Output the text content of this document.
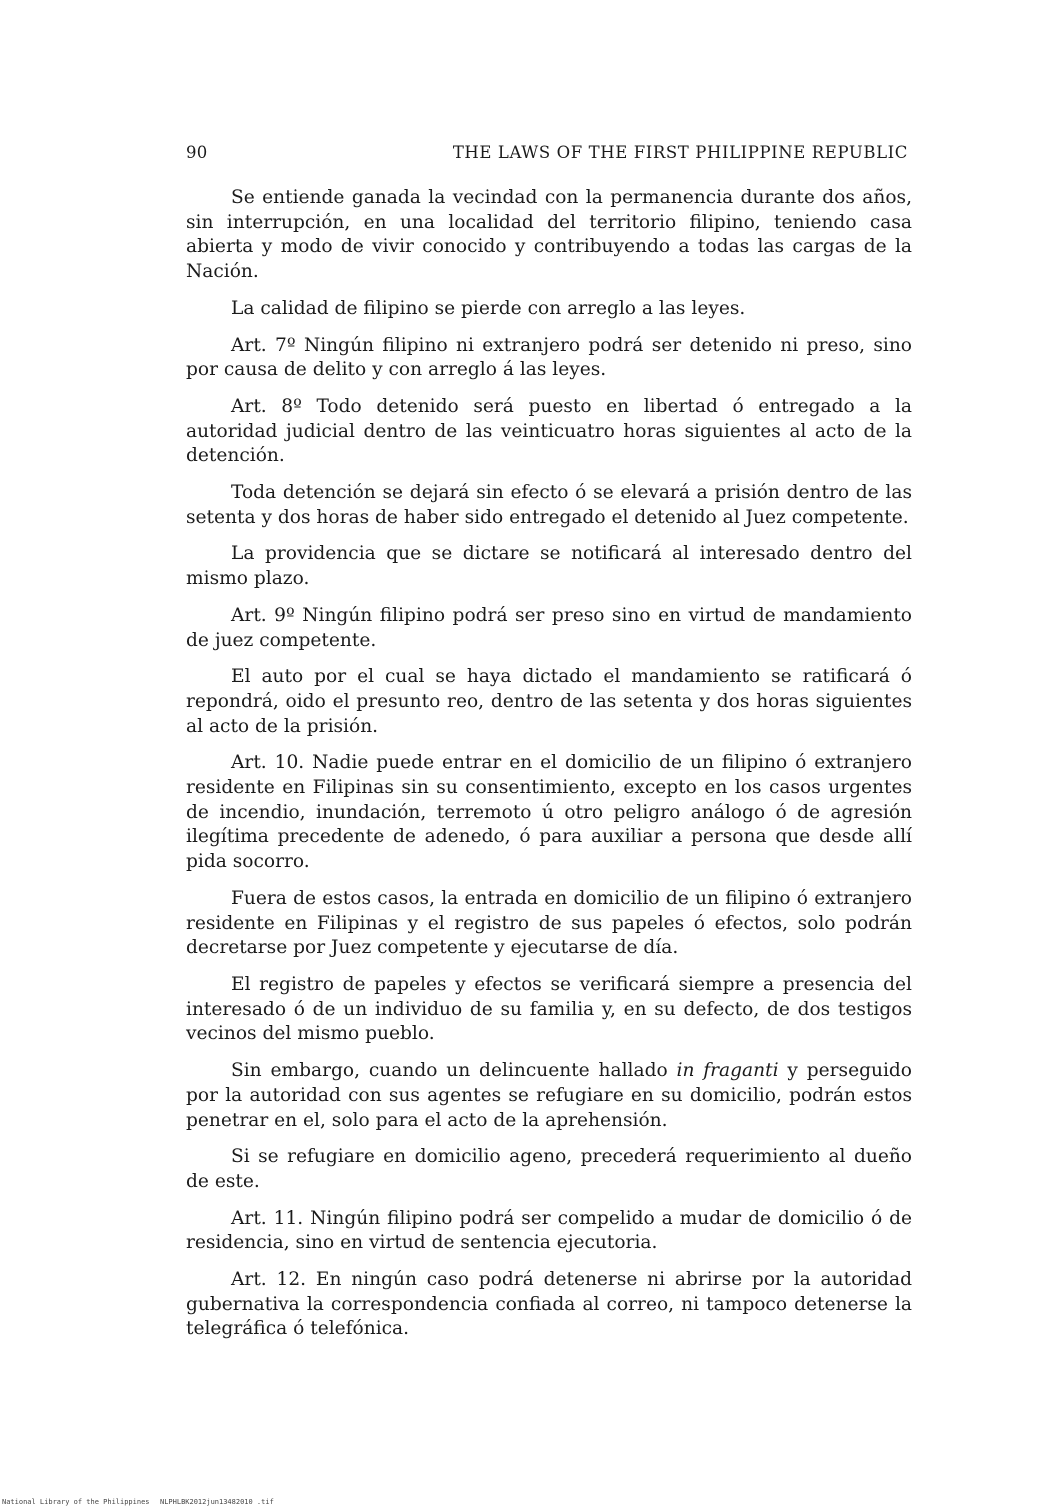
90	THE LAWS OF THE FIRST PHILIPPINE REPUBLIC

Se entiende ganada la vecindad con la permanencia durante dos años, sin interrupción, en una localidad del territorio filipino, teniendo casa abierta y modo de vivir conocido y contribuyendo a todas las cargas de la Nación.

La calidad de filipino se pierde con arreglo a las leyes.

Art. 7º Ningún filipino ni extranjero podrá ser detenido ni preso, sino por causa de delito y con arreglo á las leyes.

Art. 8º Todo detenido será puesto en libertad ó entregado a la autoridad judicial dentro de las veinticuatro horas siguientes al acto de la detención.

Toda detención se dejará sin efecto ó se elevará a prisión dentro de las setenta y dos horas de haber sido entregado el detenido al Juez competente.

La providencia que se dictare se notificará al interesado dentro del mismo plazo.

Art. 9º Ningún filipino podrá ser preso sino en virtud de mandamiento de juez competente.

El auto por el cual se haya dictado el mandamiento se ratificará ó repondrá, oido el presunto reo, dentro de las setenta y dos horas siguientes al acto de la prisión.

Art. 10. Nadie puede entrar en el domicilio de un filipino ó extranjero residente en Filipinas sin su consentimiento, excepto en los casos urgentes de incendio, inundación, terremoto ú otro peligro análogo ó de agresión ilegítima precedente de adenedo, ó para auxiliar a persona que desde allí pida socorro.

Fuera de estos casos, la entrada en domicilio de un filipino ó extranjero residente en Filipinas y el registro de sus papeles ó efectos, solo podrán decretarse por Juez competente y ejecutarse de día.

El registro de papeles y efectos se verificará siempre a presencia del interesado ó de un individuo de su familia y, en su defecto, de dos testigos vecinos del mismo pueblo.

Sin embargo, cuando un delincuente hallado in fraganti y perseguido por la autoridad con sus agentes se refugiare en su domicilio, podrán estos penetrar en el, solo para el acto de la aprehensión.

Si se refugiare en domicilio ageno, precederá requerimiento al dueño de este.

Art. 11. Ningún filipino podrá ser compelido a mudar de domicilio ó de residencia, sino en virtud de sentencia ejecutoria.

Art. 12. En ningún caso podrá detenerse ni abrirse por la autoridad gubernativa la correspondencia confiada al correo, ni tampoco detenerse la telegráfica ó telefónica.

National Library of the Philippines NLPHLBK2012jun13482010 .tif
